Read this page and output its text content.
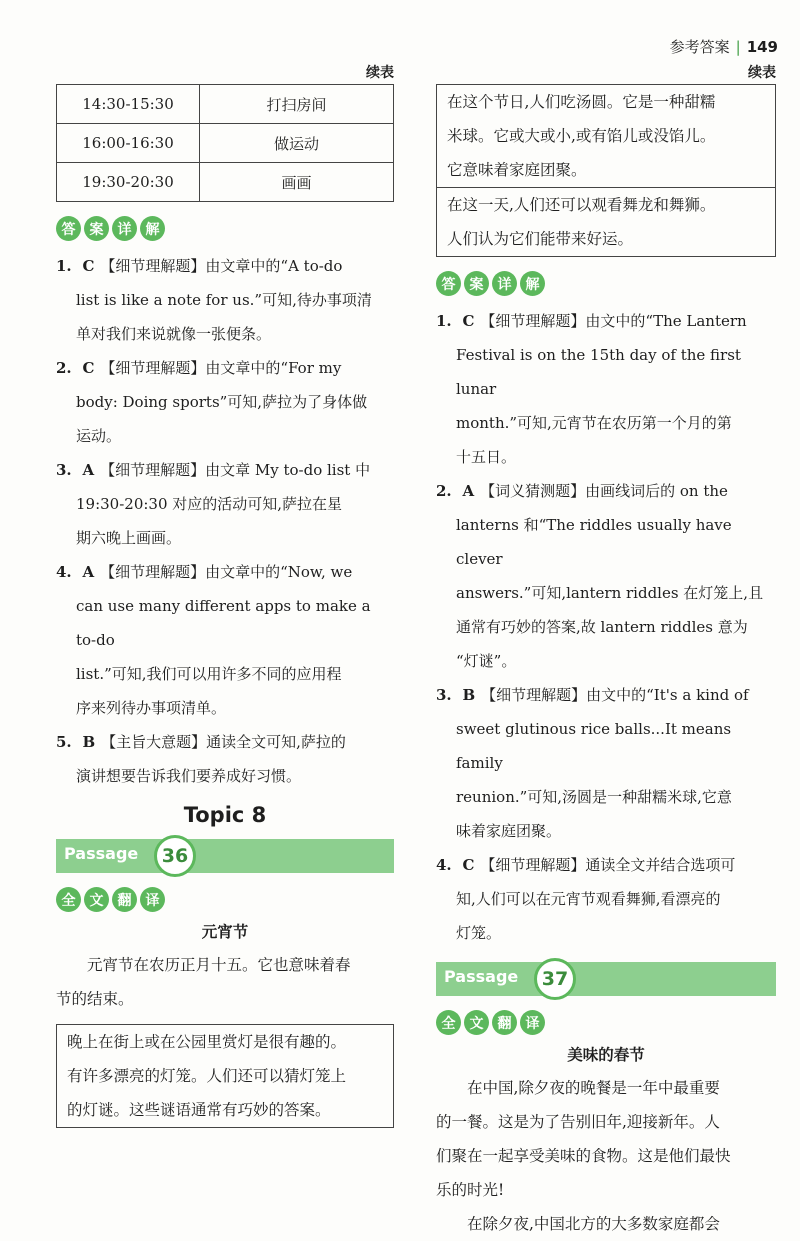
参考答案 | 149
续表
14:30-15:30	打扫房间
16:00-16:30	做运动
19:30-20:30	画画
答	案	详	解
1. C 【细节理解题】由文章中的“A to-do
list is like a note for us.”可知,待办事项清
单对我们来说就像一张便条。
2. C 【细节理解题】由文章中的“For my
body: Doing sports”可知,萨拉为了身体做
运动。
3. A 【细节理解题】由文章 My to-do list 中
19:30-20:30 对应的活动可知,萨拉在星
期六晚上画画。
4. A 【细节理解题】由文章中的“Now, we
can use many different apps to make a to-do
list.”可知,我们可以用许多不同的应用程
序来列待办事项清单。
5. B 【主旨大意题】通读全文可知,萨拉的
演讲想要告诉我们要养成好习惯。
Topic 8
Passage	36
全	文	翻	译
元宵节

元宵节在农历正月十五。它也意味着春
节的结束。

晚上在街上或在公园里赏灯是很有趣的。
有许多漂亮的灯笼。人们还可以猜灯笼上
的灯谜。这些谜语通常有巧妙的答案。
续表
在这个节日,人们吃汤圆。它是一种甜糯
米球。它或大或小,或有馅儿或没馅儿。
它意味着家庭团聚。
在这一天,人们还可以观看舞龙和舞狮。
人们认为它们能带来好运。
答	案	详	解
1. C 【细节理解题】由文中的“The Lantern
Festival is on the 15th day of the first lunar
month.”可知,元宵节在农历第一个月的第
十五日。
2. A 【词义猜测题】由画线词后的 on the
lanterns 和“The riddles usually have clever
answers.”可知,lantern riddles 在灯笼上,且
通常有巧妙的答案,故 lantern riddles 意为
“灯谜”。
3. B 【细节理解题】由文中的“It's a kind of
sweet glutinous rice balls...It means family
reunion.”可知,汤圆是一种甜糯米球,它意
味着家庭团聚。
4. C 【细节理解题】通读全文并结合选项可
知,人们可以在元宵节观看舞狮,看漂亮的
灯笼。
Passage	37
全	文	翻	译
美味的春节

在中国,除夕夜的晚餐是一年中最重要
的一餐。这是为了告别旧年,迎接新年。人
们聚在一起享受美味的食物。这是他们最快
乐的时光!

在除夕夜,中国北方的大多数家庭都会
